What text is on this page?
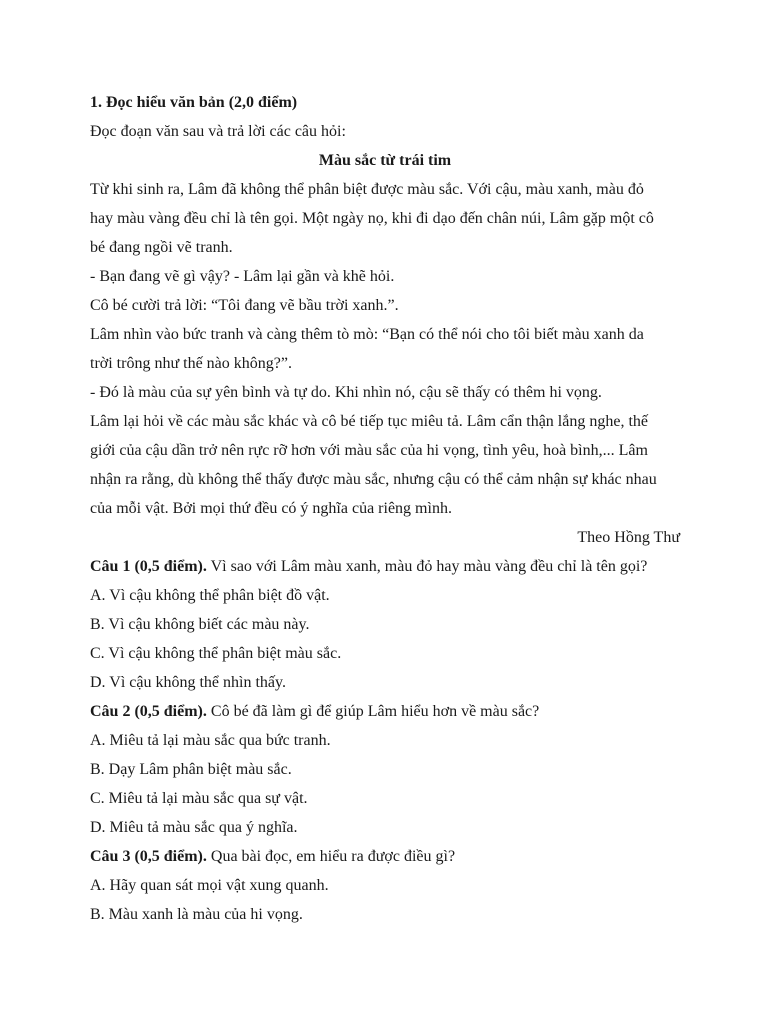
1. Đọc hiểu văn bản (2,0 điểm)
Đọc đoạn văn sau và trả lời các câu hỏi:
Màu sắc từ trái tim
Từ khi sinh ra, Lâm đã không thể phân biệt được màu sắc. Với cậu, màu xanh, màu đỏ
hay màu vàng đều chỉ là tên gọi. Một ngày nọ, khi đi dạo đến chân núi, Lâm gặp một cô
bé đang ngồi vẽ tranh.
- Bạn đang vẽ gì vậy? - Lâm lại gần và khẽ hỏi.
Cô bé cười trả lời: “Tôi đang vẽ bầu trời xanh.”.
Lâm nhìn vào bức tranh và càng thêm tò mò: “Bạn có thể nói cho tôi biết màu xanh da
trời trông như thế nào không?”.
- Đó là màu của sự yên bình và tự do. Khi nhìn nó, cậu sẽ thấy có thêm hi vọng.
Lâm lại hỏi về các màu sắc khác và cô bé tiếp tục miêu tả. Lâm cẩn thận lắng nghe, thế
giới của cậu dần trở nên rực rỡ hơn với màu sắc của hi vọng, tình yêu, hoà bình,... Lâm
nhận ra rằng, dù không thể thấy được màu sắc, nhưng cậu có thể cảm nhận sự khác nhau
của mỗi vật. Bởi mọi thứ đều có ý nghĩa của riêng mình.
Theo Hồng Thư
Câu 1 (0,5 điểm). Vì sao với Lâm màu xanh, màu đỏ hay màu vàng đều chỉ là tên gọi?
A. Vì cậu không thể phân biệt đồ vật.
B. Vì cậu không biết các màu này.
C. Vì cậu không thể phân biệt màu sắc.
D. Vì cậu không thể nhìn thấy.
Câu 2 (0,5 điểm). Cô bé đã làm gì để giúp Lâm hiểu hơn về màu sắc?
A. Miêu tả lại màu sắc qua bức tranh.
B. Dạy Lâm phân biệt màu sắc.
C. Miêu tả lại màu sắc qua sự vật.
D. Miêu tả màu sắc qua ý nghĩa.
Câu 3 (0,5 điểm). Qua bài đọc, em hiểu ra được điều gì?
A. Hãy quan sát mọi vật xung quanh.
B. Màu xanh là màu của hi vọng.
